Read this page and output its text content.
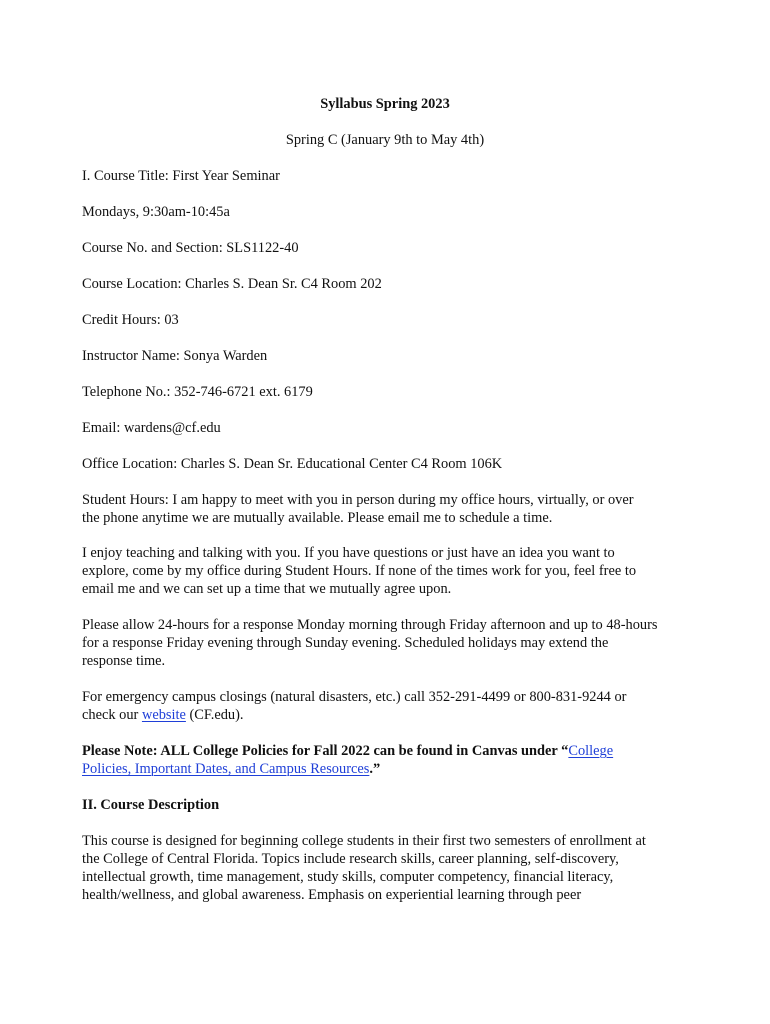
Syllabus Spring 2023
Spring C (January 9th to May 4th)
I. Course Title: First Year Seminar
Mondays, 9:30am-10:45a
Course No. and Section: SLS1122-40
Course Location: Charles S. Dean Sr. C4 Room 202
Credit Hours: 03
Instructor Name: Sonya Warden
Telephone No.: 352-746-6721 ext. 6179
Email: wardens@cf.edu
Office Location: Charles S. Dean Sr. Educational Center C4 Room 106K
Student Hours: I am happy to meet with you in person during my office hours, virtually, or over
the phone anytime we are mutually available. Please email me to schedule a time.
I enjoy teaching and talking with you. If you have questions or just have an idea you want to
explore, come by my office during Student Hours. If none of the times work for you, feel free to
email me and we can set up a time that we mutually agree upon.
Please allow 24-hours for a response Monday morning through Friday afternoon and up to 48-hours
for a response Friday evening through Sunday evening. Scheduled holidays may extend the
response time.
For emergency campus closings (natural disasters, etc.) call 352-291-4499 or 800-831-9244 or
check our website (CF.edu).
Please Note: ALL College Policies for Fall 2022 can be found in Canvas under “College
Policies, Important Dates, and Campus Resources.”
II. Course Description
This course is designed for beginning college students in their first two semesters of enrollment at
the College of Central Florida. Topics include research skills, career planning, self-discovery,
intellectual growth, time management, study skills, computer competency, financial literacy,
health/wellness, and global awareness. Emphasis on experiential learning through peer
